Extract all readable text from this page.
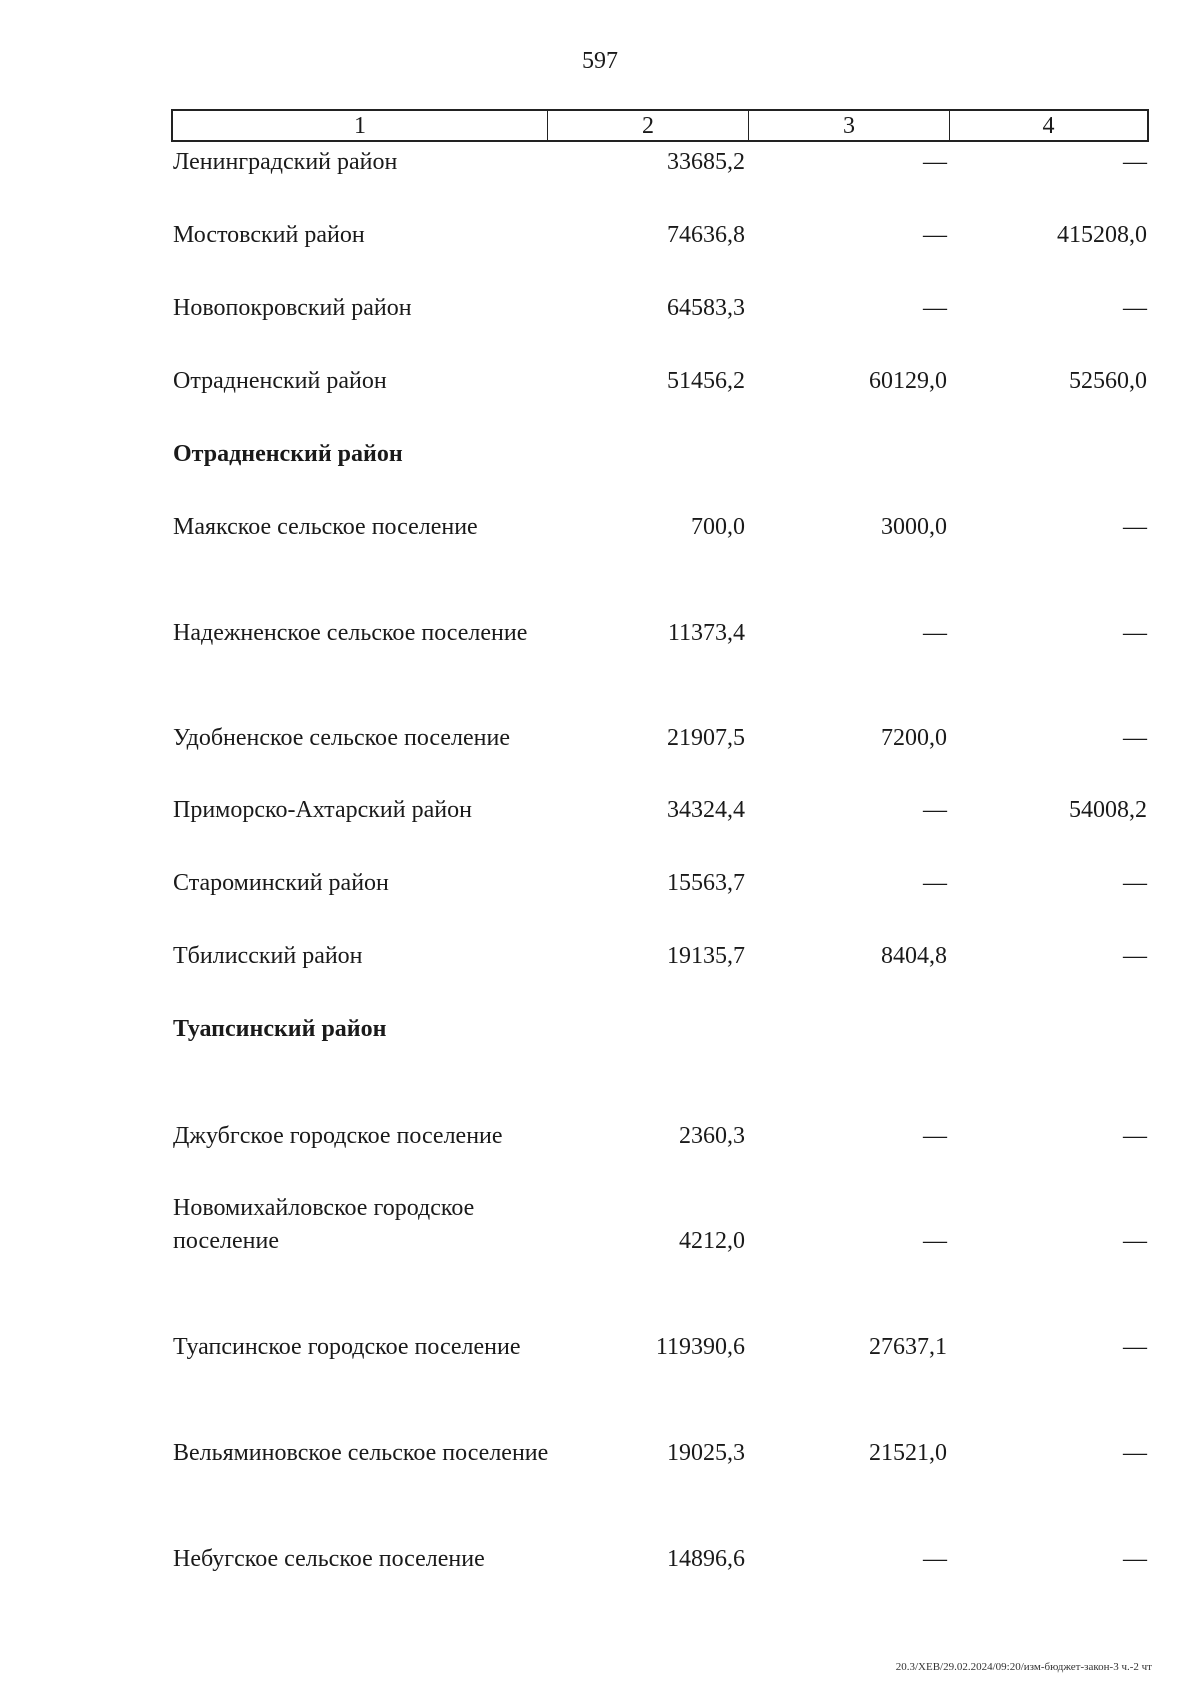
597
1	2	3	4
Ленинградский район	33685,2	—	—
Мостовский район	74636,8	—	415208,0
Новопокровский район	64583,3	—	—
Отрадненский район	51456,2	60129,0	52560,0
Отрадненский район
Маякское сельское поселение	700,0	3000,0	—
Надежненское сельское поселение	11373,4	—	—
Удобненское сельское поселение	21907,5	7200,0	—
Приморско-Ахтарский район	34324,4	—	54008,2
Староминский район	15563,7	—	—
Тбилисский район	19135,7	8404,8	—
Туапсинский район
Джубгское городское поселение	2360,3	—	—
Новомихайловское городское поселение	4212,0	—	—
Туапсинское городское поселение	119390,6	27637,1	—
Вельяминовское сельское поселение	19025,3	21521,0	—
Небугское сельское поселение	14896,6	—	—
20.3/ХЕВ/29.02.2024/09:20/изм-бюджет-закон-3 ч.-2 чт
